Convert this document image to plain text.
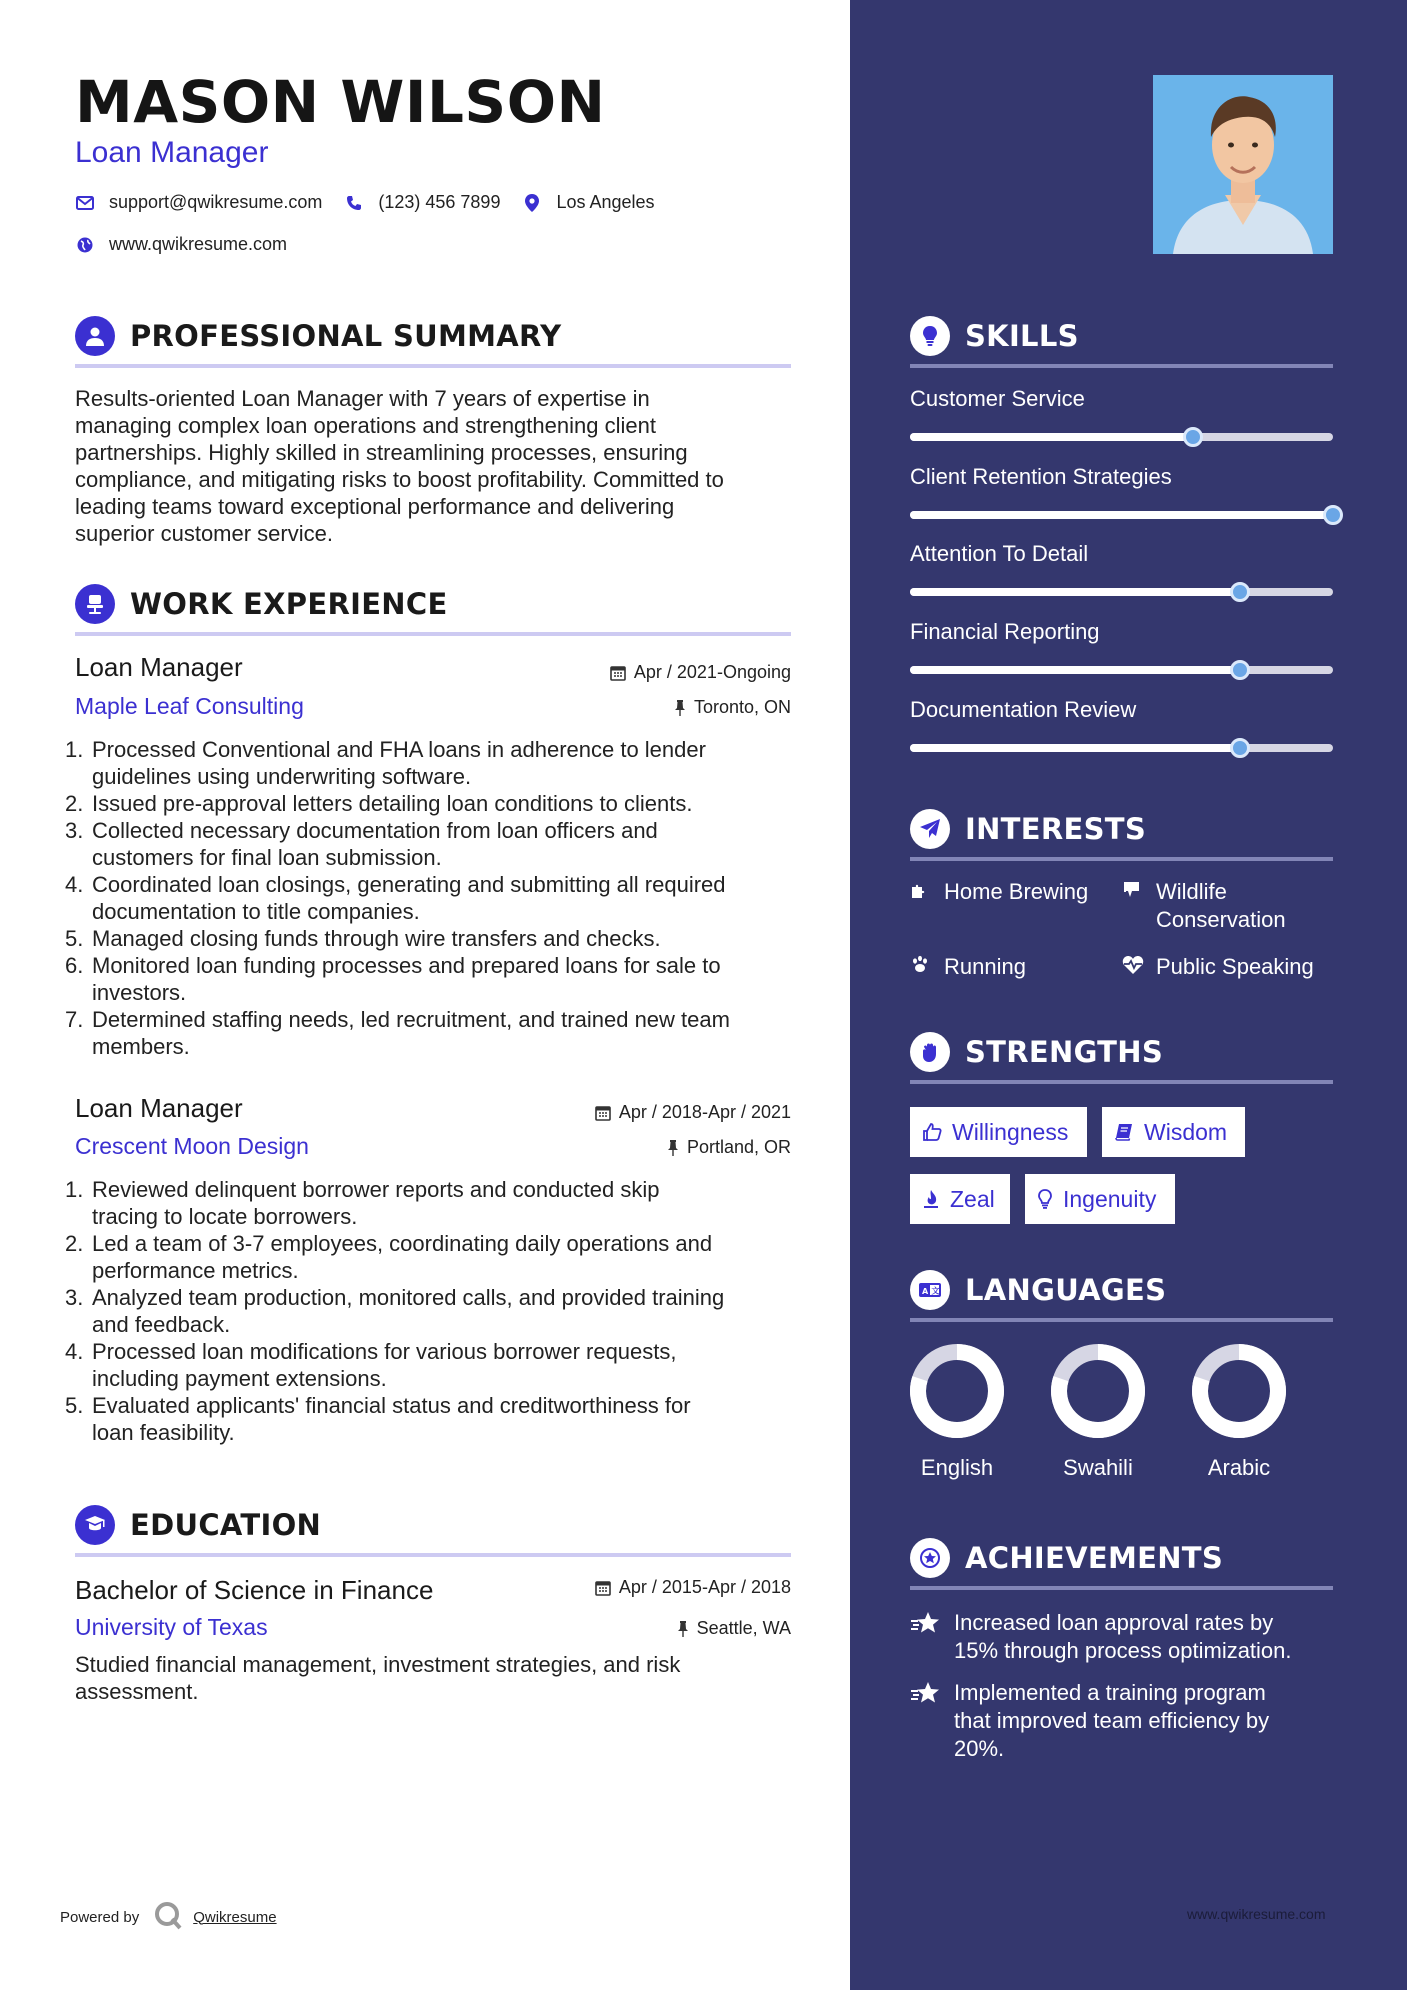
MASON WILSON
Loan Manager
support@qwikresume.com	(123) 456 7899	Los Angeles
www.qwikresume.com
PROFESSIONAL SUMMARY
Results-oriented Loan Manager with 7 years of expertise in
managing complex loan operations and strengthening client
partnerships. Highly skilled in streamlining processes, ensuring
compliance, and mitigating risks to boost profitability. Committed to
leading teams toward exceptional performance and delivering
superior customer service.
WORK EXPERIENCE
Loan Manager	Apr / 2021-Ongoing
Maple Leaf Consulting	Toronto, ON
1. Processed Conventional and FHA loans in adherence to lender
guidelines using underwriting software.
2. Issued pre-approval letters detailing loan conditions to clients.
3. Collected necessary documentation from loan officers and
customers for final loan submission.
4. Coordinated loan closings, generating and submitting all required
documentation to title companies.
5. Managed closing funds through wire transfers and checks.
6. Monitored loan funding processes and prepared loans for sale to
investors.
7. Determined staffing needs, led recruitment, and trained new team
members.
Loan Manager	Apr / 2018-Apr / 2021
Crescent Moon Design	Portland, OR
1. Reviewed delinquent borrower reports and conducted skip
tracing to locate borrowers.
2. Led a team of 3-7 employees, coordinating daily operations and
performance metrics.
3. Analyzed team production, monitored calls, and provided training
and feedback.
4. Processed loan modifications for various borrower requests,
including payment extensions.
5. Evaluated applicants' financial status and creditworthiness for
loan feasibility.
EDUCATION
Bachelor of Science in Finance	Apr / 2015-Apr / 2018
University of Texas	Seattle, WA
Studied financial management, investment strategies, and risk
assessment.
Powered by	Qwikresume
SKILLS
Customer Service
Client Retention Strategies
Attention To Detail
Financial Reporting
Documentation Review
INTERESTS
Home Brewing	Wildlife
Conservation
Running	Public Speaking
STRENGTHS
Willingness	Wisdom
Zeal	Ingenuity
A 文 LANGUAGES
English	Swahili	Arabic
ACHIEVEMENTS
Increased loan approval rates by
15% through process optimization.
Implemented a training program
that improved team efficiency by
20%.
www.qwikresume.com
